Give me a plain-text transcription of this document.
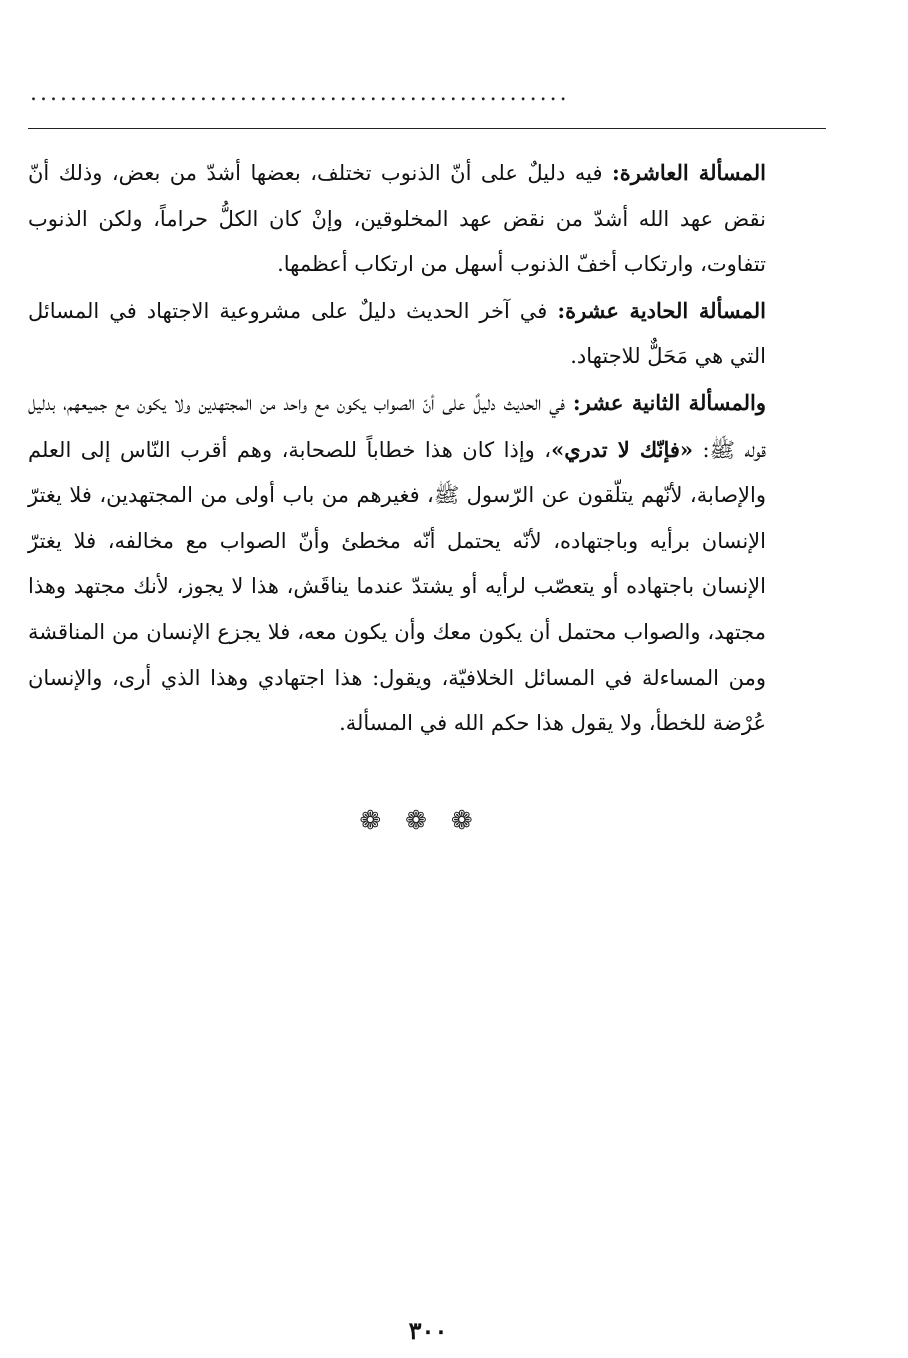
......................................................

المسألة العاشرة: فيه دليلٌ على أنّ الذنوب تختلف، بعضها أشدّ من بعض، وذلك أنّ نقض عهد الله أشدّ من نقض عهد المخلوقين، وإنْ كان الكلُّ حراماً، ولكن الذنوب تتفاوت، وارتكاب أخفّ الذنوب أسهل من ارتكاب أعظمها.

المسألة الحادية عشرة: في آخر الحديث دليلٌ على مشروعية الاجتهاد في المسائل التي هي مَحَلٌّ للاجتهاد.

والمسألة الثانية عشر: في الحديث دليلٌ على أنّ الصواب يكون مع واحد من المجتهدين ولا يكون مع جميعهم، بدليل قوله ﷺ: «فإنّك لا تدري»، وإذا كان هذا خطاباً للصحابة، وهم أقرب النّاس إلى العلم والإصابة، لأنّهم يتلّقون عن الرّسول ﷺ، فغيرهم من باب أولى من المجتهدين، فلا يغترّ الإنسان برأيه وباجتهاده، لأنّه يحتمل أنّه مخطئ وأنّ الصواب مع مخالفه، فلا يغترّ الإنسان باجتهاده أو يتعصّب لرأيه أو يشتدّ عندما يناقَش، هذا لا يجوز، لأنك مجتهد وهذا مجتهد، والصواب محتمل أن يكون معك وأن يكون معه، فلا يجزع الإنسان من المناقشة ومن المساءلة في المسائل الخلافيّة، ويقول: هذا اجتهادي وهذا الذي أرى، والإنسان عُرْضة للخطأ، ولا يقول هذا حكم الله في المسألة.

❁❁❁
٣٠٠
